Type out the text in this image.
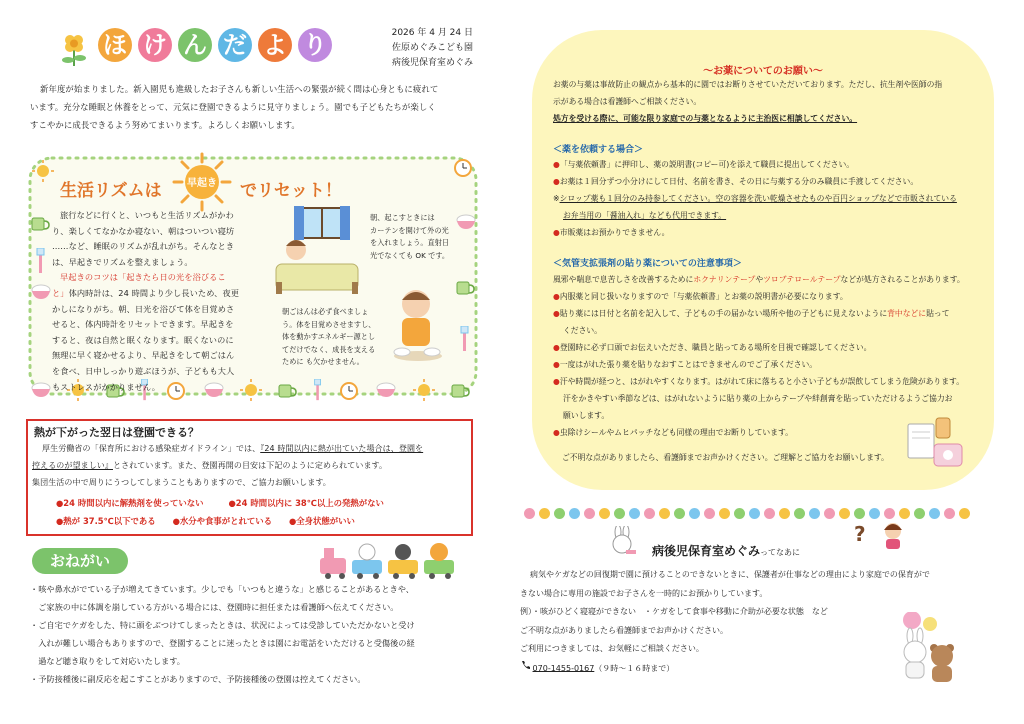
ほ け ん だ よ り	2026 年 4 月 24 日
佐原めぐみこども園
病後児保育室めぐみ
新年度が始まりました。新入園児も進級したお子さんも新しい生活への緊張が続く間は心身ともに疲れて
います。充分な睡眠と休養をとって、元気に登園できるように見守りましょう。園でも子どもたちが楽しく
すこやかに成長できるよう努めてまいります。よろしくお願いします。
生活リズムは	早起き	でリセット！
旅行などに行くと、いつもと生活リズムがかわ
り、楽しくてなかなか寝ない、朝はついつい寝坊
……など、睡眠のリズムが乱れがち。そんなとき
は、早起きでリズムを整えましょう。
早起きのコツは「起きたら日の光を浴びるこ
と」体内時計は、24 時間より少し長いため、夜更
かしになりがち。朝、日光を浴びて体を目覚めさ
せると、体内時計をリセットできます。早起きを
すると、夜は自然と眠くなります。眠くないのに
無理に早く寝かせるより、早起きをして朝ごはん
を食べ、日中しっかり遊ぶほうが、子どもも大人
もストレスがかかりません。
朝、起こすときには
カーテンを開けて外の光
を入れましょう。直射日
光でなくても OK です。
朝ごはんは必ず食べましょ
う。体を目覚めさせますし、
体を動かすエネルギー源とし
てだけでなく、成長を支える
ために も欠かせません。
熱が下がった翌日は登園できる？
厚生労働省の「保育所における感染症ガイドライン」では、『24 時間以内に熱が出ていた場合は、登園を
控えるのが望ましい』とされています。また、登園再開の目安は下記のように定められています。
集団生活の中で周りにうつしてしまうこともありますので、ご協力お願いします。
●24 時間以内に解熱剤を使っていない	●24 時間以内に 38℃以上の発熱がない
●熱が 37.5℃以下である ●水分や食事がとれている ●全身状態がいい
おねがい
・咳や鼻水がでている子が増えてきています。少しでも「いつもと違うな」と感じることがあるときや、
　ご家族の中に体調を崩している方がいる場合には、登園時に担任または看護師へ伝えてください。
・ご自宅でケガをした、特に頭をぶつけてしまったときは、状況によっては受診していただかないと受け
　入れが難しい場合もありますので、登園することに迷ったときは園にお電話をいただけると受傷後の経
　過など聴き取りをして対応いたします。
・予防接種後に副反応を起こすことがありますので、予防接種後の登園は控えてください。
～お薬についてのお願い～
お薬の与薬は事故防止の観点から基本的に園ではお断りさせていただいております。ただし、抗生剤や医師の指
示がある場合は看護師へご相談ください。
処方を受ける際に、可能な限り家庭での与薬となるように主治医に相談してください。
＜薬を依頼する場合＞
●「与薬依頼書」に押印し、薬の説明書(コピー可)を添えて職員に提出してください。
●お薬は１回分ずつ小分けにして日付、名前を書き、その日に与薬する分のみ職員に手渡してください。
※シロップ薬も１回分のみ持参してください。空の容器を洗い乾燥させたものや百円ショップなどで市販されている
お弁当用の「醤油入れ」なども代用できます。
●市販薬はお預かりできません。
＜気管支拡張剤の貼り薬についての注意事項＞
風邪や喘息で息苦しさを改善するためにホクナリンテープやツロブテロールテープなどが処方されることがあります。
●内服薬と同じ扱いなりますので「与薬依頼書」とお薬の説明書が必要になります。
●貼り薬には日付と名前を記入して、子どもの手の届かない場所や他の子どもに見えないように背中などに貼って
ください。
●登園時に必ず口頭でお伝えいただき、職員と貼ってある場所を目視で確認してください。
●一度はがれた張り薬を貼りなおすことはできませんのでご了承ください。
●汗や時間が経つと、はがれやすくなります。はがれて床に落ちると小さい子どもが誤飲してしまう危険があります。
汗をかきやすい季節などは、はがれないように貼り薬の上からテープや絆創膏を貼っていただけるようご協力お
願いします。
●虫除けシールやムヒパッチなども同様の理由でお断りしています。
ご不明な点がありましたら、看護師までお声かけください。ご理解とご協力をお願いします。
病後児保育室めぐみってなあに
?
病気やケガなどの回復期で園に預けることのできないときに、保護者が仕事などの理由により家庭での保育がで
きない場合に専用の施設でお子さんを一時的にお預かりしています。
例）・咳がひどく寝寝ができない　・ケガをして食事や移動に介助が必要な状態　など
ご不明な点がありましたら看護師までお声かけください。
ご利用につきましては、お気軽にご相談ください。
070-1455-0167（９時～１６時まで）
